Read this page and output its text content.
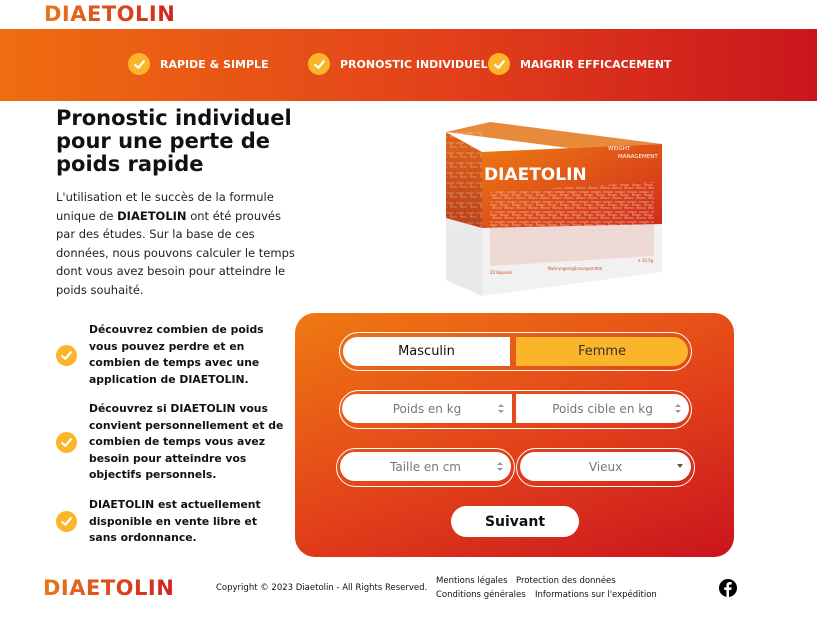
DIAETOLIN
RAPIDE & SIMPLE	PRONOSTIC INDIVIDUEL	MAIGRIR EFFICACEMENT
Pronostic individuel pour une perte de poids rapide

L'utilisation et le succès de la formule unique de DIAETOLIN ont été prouvés par des études. Sur la base de ces données, nous pouvons calculer le temps dont vous avez besoin pour atteindre le poids souhaité.

DIAETOLIN
WEIGHT
MANAGEMENT
20 Kapseln
Nahrungsergänzungsmittel
e 10,5g
Découvrez combien de poids vous pouvez perdre et en combien de temps avec une application de DIAETOLIN.
Découvrez si DIAETOLIN vous convient personnellement et de combien de temps vous avez besoin pour atteindre vos objectifs personnels.
DIAETOLIN est actuellement disponible en vente libre et sans ordonnance.
Masculin	Femme
Poids en kg	Poids cible en kg
Taille en cm	Vieux
Suivant
DIAETOLIN	Copyright © 2023 Diaetolin - All Rights Reserved.
Mentions légales Protection des données
Conditions générales Informations sur l'expédition
